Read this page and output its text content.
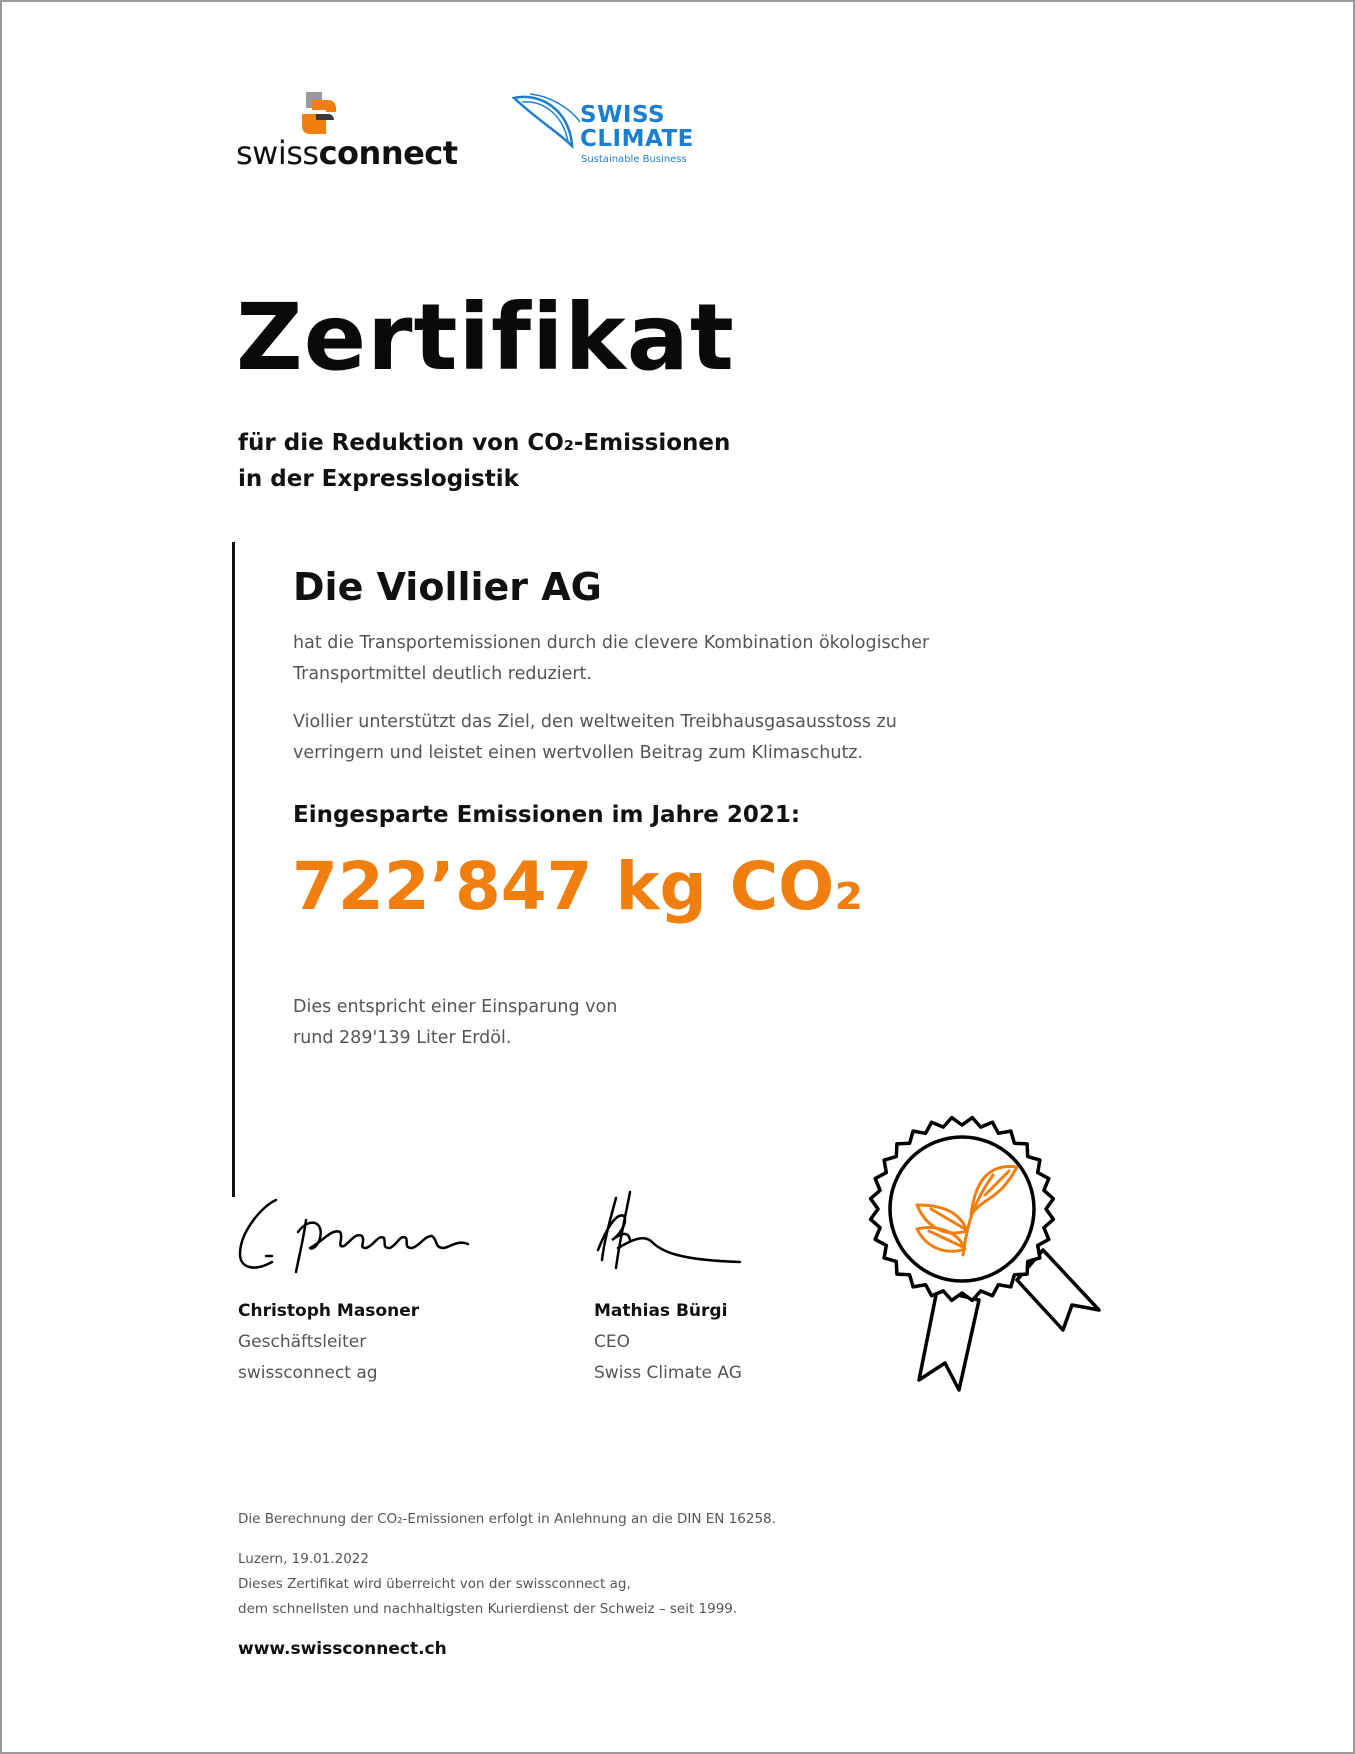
swissconnect
SWISS
CLIMATE
Sustainable Business
Zertifikat
für die Reduktion von CO₂-Emissionen
in der Expresslogistik
Die Viollier AG
hat die Transportemissionen durch die clevere Kombination ökologischer
Transportmittel deutlich reduziert.
Viollier unterstützt das Ziel, den weltweiten Treibhausgasausstoss zu
verringern und leistet einen wertvollen Beitrag zum Klimaschutz.
Eingesparte Emissionen im Jahre 2021:
722’847 kg CO₂
Dies entspricht einer Einsparung von
rund 289'139 Liter Erdöl.
Christoph Masoner
Geschäftsleiter
swissconnect ag
Mathias Bürgi
CEO
Swiss Climate AG
Die Berechnung der CO₂-Emissionen erfolgt in Anlehnung an die DIN EN 16258.
Luzern, 19.01.2022
Dieses Zertifikat wird überreicht von der swissconnect ag,
dem schnellsten und nachhaltigsten Kurierdienst der Schweiz – seit 1999.
www.swissconnect.ch
